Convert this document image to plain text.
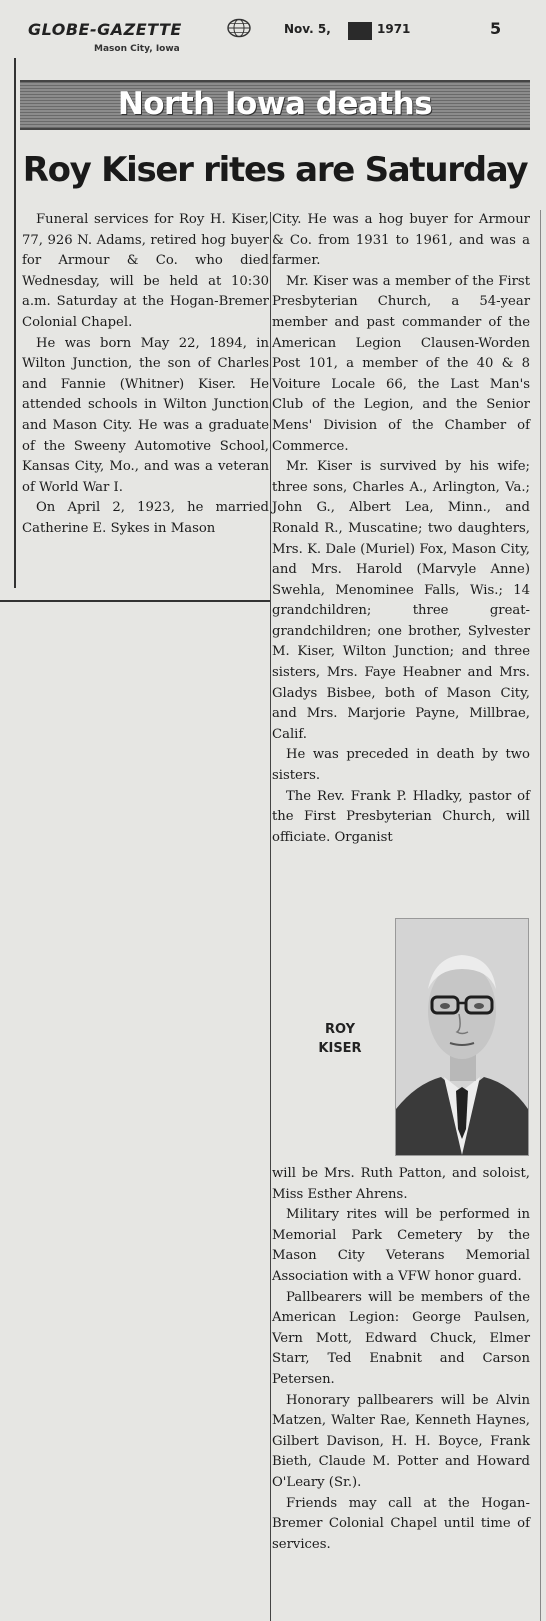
GLOBE-GAZETTE
Mason City, Iowa
Nov. 5,	1971	5
North Iowa deaths
Roy Kiser rites are Saturday

Funeral services for Roy H. Kiser, 77, 926 N. Adams, retired hog buyer for Armour & Co. who died Wednesday, will be held at 10:30 a.m. Saturday at the Hogan-Bremer Colonial Chapel.

He was born May 22, 1894, in Wilton Junction, the son of Charles and Fannie (Whitner) Kiser. He attended schools in Wilton Junction and Mason City. He was a graduate of the Sweeny Automotive School, Kansas City, Mo., and was a veteran of World War I.

On April 2, 1923, he married Catherine E. Sykes in Mason

City. He was a hog buyer for Armour & Co. from 1931 to 1961, and was a farmer.

Mr. Kiser was a member of the First Presbyterian Church, a 54-year member and past commander of the American Legion Clausen-Worden Post 101, a member of the 40 & 8 Voiture Locale 66, the Last Man's Club of the Legion, and the Senior Mens' Division of the Chamber of Commerce.

Mr. Kiser is survived by his wife; three sons, Charles A., Arlington, Va.; John G., Albert Lea, Minn., and Ronald R., Muscatine; two daughters, Mrs. K. Dale (Muriel) Fox, Mason City, and Mrs. Harold (Marvyle Anne) Swehla, Menominee Falls, Wis.; 14 grandchildren; three great-grandchildren; one brother, Sylvester M. Kiser, Wilton Junction; and three sisters, Mrs. Faye Heabner and Mrs. Gladys Bisbee, both of Mason City, and Mrs. Marjorie Payne, Millbrae, Calif.

He was preceded in death by two sisters.

The Rev. Frank P. Hladky, pastor of the First Presbyterian Church, will officiate. Organist

ROY
KISER

will be Mrs. Ruth Patton, and soloist, Miss Esther Ahrens.

Military rites will be performed in Memorial Park Cemetery by the Mason City Veterans Memorial Association with a VFW honor guard.

Pallbearers will be members of the American Legion: George Paulsen, Vern Mott, Edward Chuck, Elmer Starr, Ted Enabnit and Carson Petersen.

Honorary pallbearers will be Alvin Matzen, Walter Rae, Kenneth Haynes, Gilbert Davison, H. H. Boyce, Frank Bieth, Claude M. Potter and Howard O'Leary (Sr.).

Friends may call at the Hogan-Bremer Colonial Chapel until time of services.
